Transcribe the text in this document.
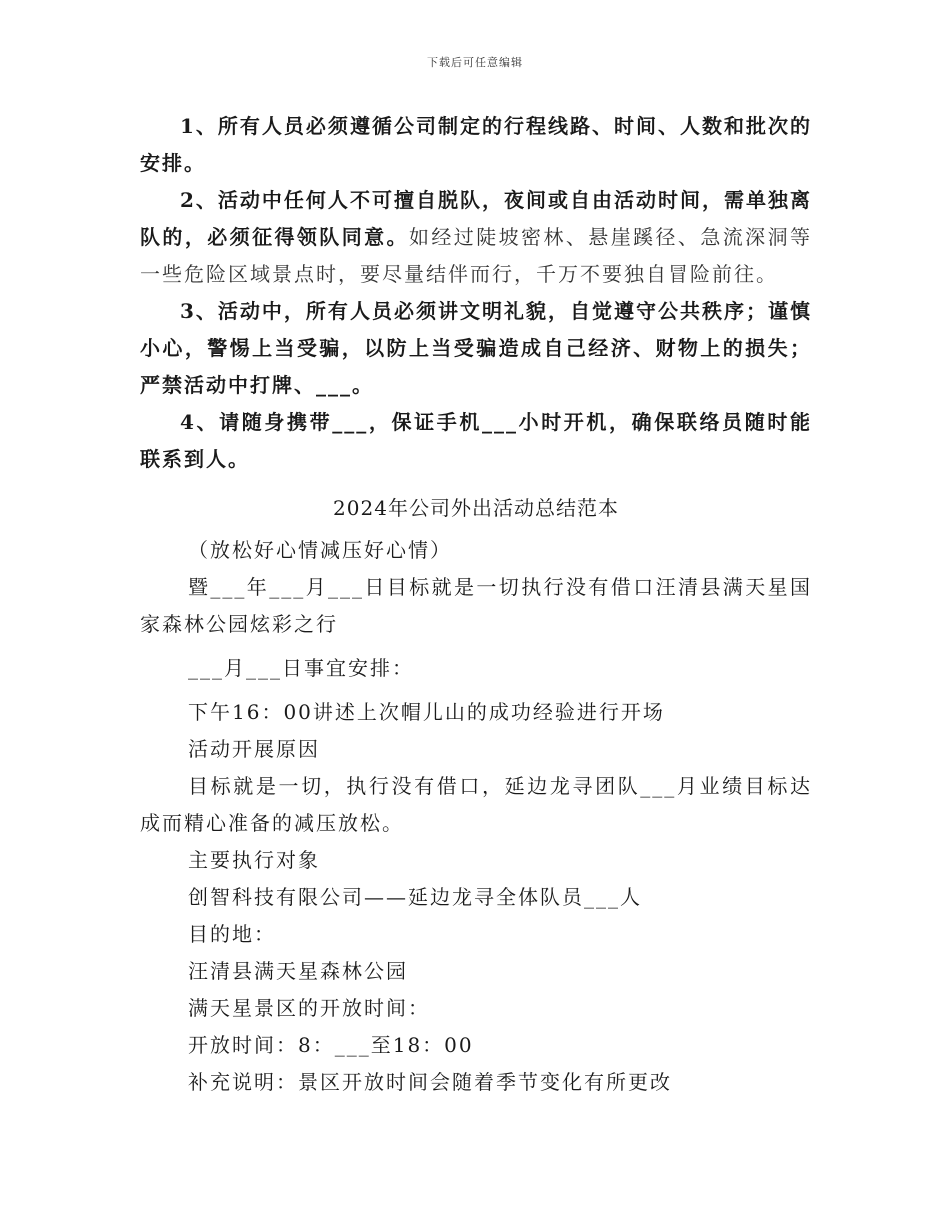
下载后可任意编辑

1、所有人员必须遵循公司制定的行程线路、时间、人数和批次的安排。

2、活动中任何人不可擅自脱队，夜间或自由活动时间，需单独离队的，必须征得领队同意。如经过陡坡密林、悬崖蹊径、急流深洞等一些危险区域景点时，要尽量结伴而行，千万不要独自冒险前往。

3、活动中，所有人员必须讲文明礼貌，自觉遵守公共秩序；谨慎小心，警惕上当受骗，以防上当受骗造成自己经济、财物上的损失；严禁活动中打牌、___。

4、请随身携带___，保证手机___小时开机，确保联络员随时能联系到人。

2024年公司外出活动总结范本

（放松好心情减压好心情）

暨___年___月___日目标就是一切执行没有借口汪清县满天星国家森林公园炫彩之行

___月___日事宜安排：

下午16：00讲述上次帽儿山的成功经验进行开场

活动开展原因

目标就是一切，执行没有借口，延边龙寻团队___月业绩目标达成而精心准备的减压放松。

主要执行对象

创智科技有限公司——延边龙寻全体队员___人

目的地：

汪清县满天星森林公园

满天星景区的开放时间：

开放时间：8：___至18：00

补充说明：景区开放时间会随着季节变化有所更改
